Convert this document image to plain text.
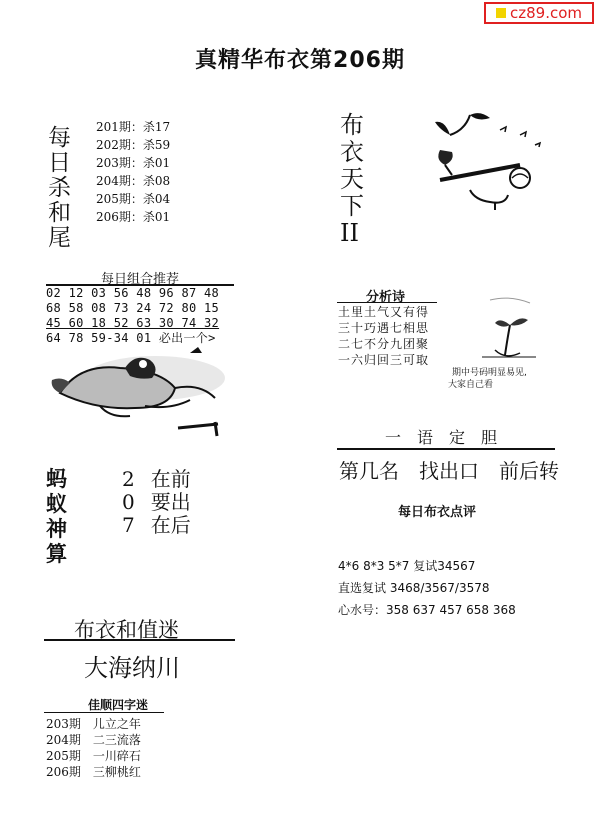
cz89.com
真精华布衣第206期
每
日
杀
和
尾
201期：杀17
202期：杀59
203期：杀01
204期：杀08
205期：杀04
206期：杀01
每日组合推荐
02 12 03 56 48 96 87 48
68 58 08 73 24 72 80 15
45 60 18 52 63 30 74 32
64 78 59-34 01 必出一个>
蚂
蚁
神
算
2 在前
0 要出
7 在后
布衣和值迷
大海纳川
佳顺四字迷
203期　儿立之年
204期　二三流落
205期　一川碎石
206期　三柳桃红
布
衣
天
下
II
分析诗
土里土气又有得
三十巧遇七相思
二七不分九团聚
一六归回三可取
期中号码明显易见,
大家自己看
一　语　定　胆
第几名　找出口　前后转
每日布衣点评
4*6 8*3 5*7 复试34567
直选复试 3468/3567/3578
心水号：358 637 457 658 368
